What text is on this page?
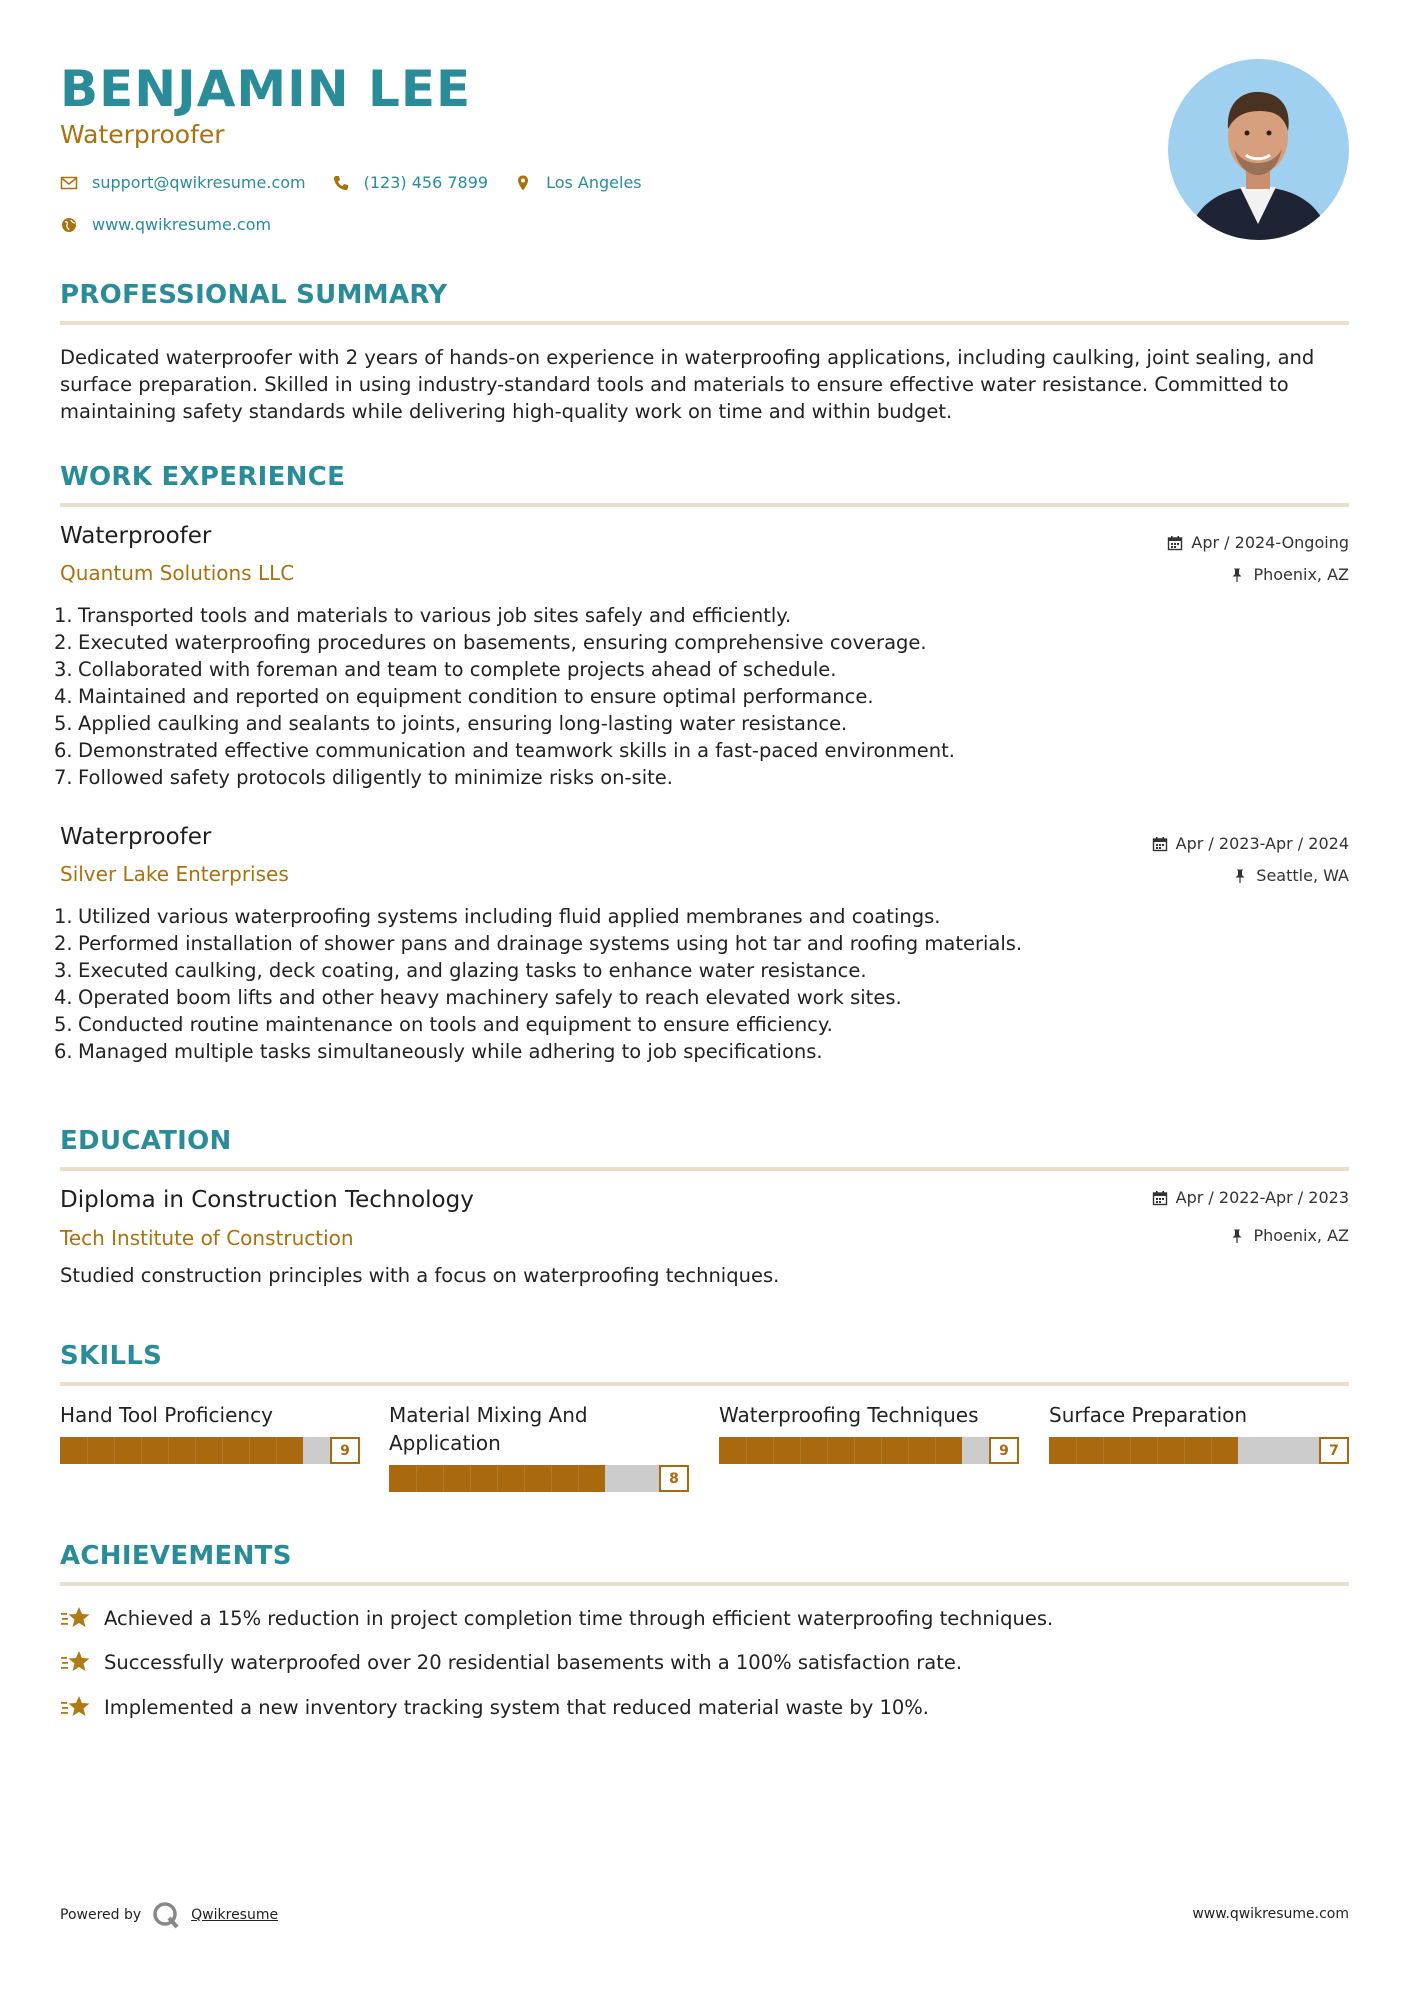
BENJAMIN LEE
Waterproofer
support@qwikresume.com	(123) 456 7899	Los Angeles
www.qwikresume.com
PROFESSIONAL SUMMARY
Dedicated waterproofer with 2 years of hands-on experience in waterproofing applications, including caulking, joint sealing, and surface preparation. Skilled in using industry-standard tools and materials to ensure effective water resistance. Committed to maintaining safety standards while delivering high-quality work on time and within budget.
WORK EXPERIENCE
Waterproofer
Quantum Solutions LLC
Apr / 2024-Ongoing
Phoenix, AZ
1. Transported tools and materials to various job sites safely and efficiently.
2. Executed waterproofing procedures on basements, ensuring comprehensive coverage.
3. Collaborated with foreman and team to complete projects ahead of schedule.
4. Maintained and reported on equipment condition to ensure optimal performance.
5. Applied caulking and sealants to joints, ensuring long-lasting water resistance.
6. Demonstrated effective communication and teamwork skills in a fast-paced environment.
7. Followed safety protocols diligently to minimize risks on-site.
Waterproofer
Silver Lake Enterprises
Apr / 2023-Apr / 2024
Seattle, WA
1. Utilized various waterproofing systems including fluid applied membranes and coatings.
2. Performed installation of shower pans and drainage systems using hot tar and roofing materials.
3. Executed caulking, deck coating, and glazing tasks to enhance water resistance.
4. Operated boom lifts and other heavy machinery safely to reach elevated work sites.
5. Conducted routine maintenance on tools and equipment to ensure efficiency.
6. Managed multiple tasks simultaneously while adhering to job specifications.
EDUCATION
Diploma in Construction Technology
Tech Institute of Construction
Apr / 2022-Apr / 2023
Phoenix, AZ
Studied construction principles with a focus on waterproofing techniques.
SKILLS
Hand Tool Proficiency
9
Material Mixing And Application
8
Waterproofing Techniques
9
Surface Preparation
7
ACHIEVEMENTS
Achieved a 15% reduction in project completion time through efficient waterproofing techniques.
Successfully waterproofed over 20 residential basements with a 100% satisfaction rate.
Implemented a new inventory tracking system that reduced material waste by 10%.
Powered by	Qwikresume	www.qwikresume.com
